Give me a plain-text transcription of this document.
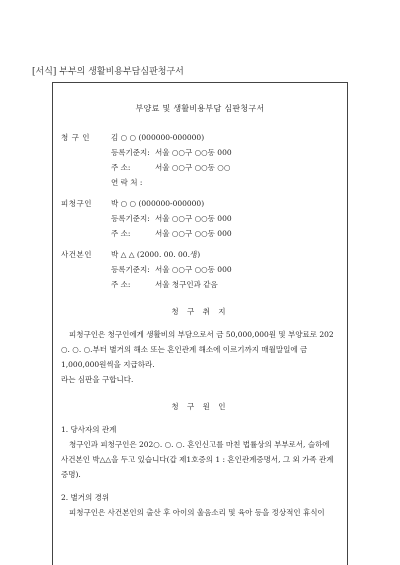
[서식] 부부의 생활비용부담심판청구서
부양료 및 생활비용부담 심판청구서
청 구 인	김 ○ ○ (000000-000000)
등록기준지: 서울 ○○구 ○○동 000
주 소:	서울 ○○구 ○○동 ○○
연 락 처 :
피청구인	박 ○ ○ (000000-000000)
등록기준지: 서울 ○○구 ○○동 000
주 소:	서울 ○○구 ○○동 000
사건본인	박 △ △ (2000. 00. 00.생)
등록기준지: 서울 ○○구 ○○동 000
주 소:	서울 청구인과 같음
청 구 취 지
피청구인은 청구인에게 생활비의 부담으로서 금 50,000,000원 및 부양료로 202 ○. ○. ○.부터 별거의 해소 또는 혼인관계 해소에 이르기까지 매월말일에 금 1,000,000원씩을 지급하라.
라는 심판을 구합니다.
청 구 원 인
1. 당사자의 관계
청구인과 피청구인은 202○. ○. ○. 혼인신고를 마친 법률상의 부부로서, 슬하에 사건본인 박△△을 두고 있습니다(갑 제1호증의 1 : 혼인관계증명서, 그 외 가족 관계 증명).
2. 별거의 경위
피청구인은 사건본인의 출산 후 아이의 울음소리 및 육아 등을 정상적인 휴식이
